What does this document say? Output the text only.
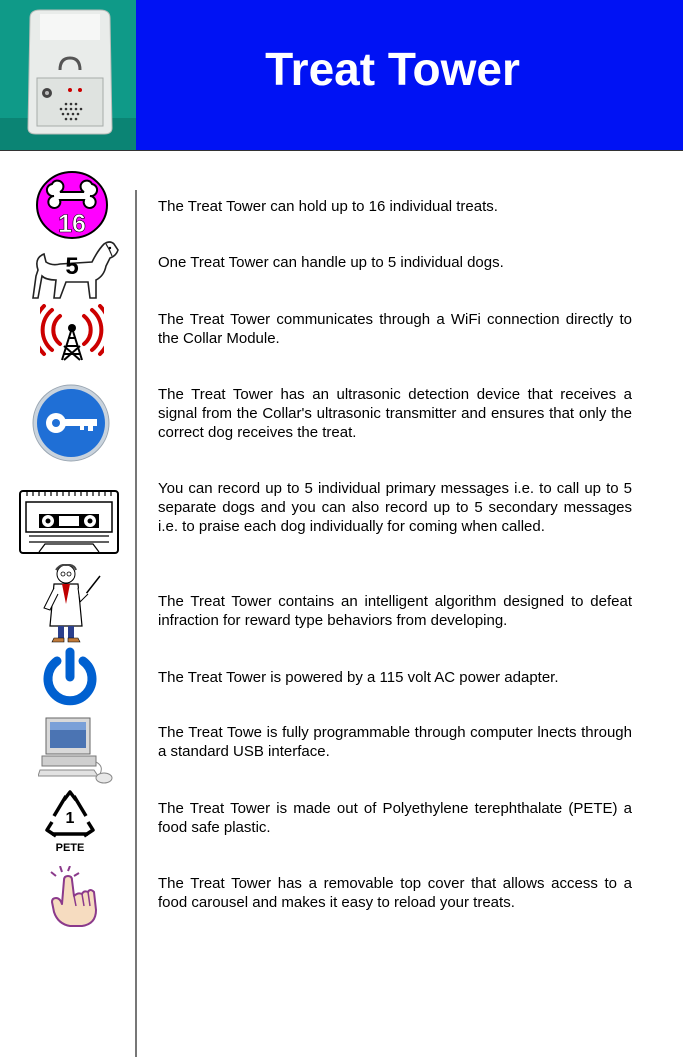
Treat Tower
16
5
1
PETE
The Treat Tower can hold up to 16 individual treats.
One Treat Tower can handle up to 5 individual dogs.
The Treat Tower communicates through a WiFi connection directly to the Collar Module.
The Treat Tower has an ultrasonic detection device that receives a signal from the Collar's ultrasonic transmitter and ensures that only the correct dog receives the treat.
You can record up to 5 individual primary messages i.e. to call up to 5 separate dogs and you can also record up to 5 secondary messages i.e. to praise each dog individually for coming when called.
The Treat Tower contains an intelligent algorithm designed to defeat infraction for reward type behaviors from developing.
The Treat Tower is powered by a 115 volt AC power adapter.
The Treat Towe is fully programmable through computer lnects through a standard USB interface.
The Treat Tower is made out of Polyethylene terephthalate (PETE) a food safe plastic.
The Treat Tower has a removable top cover that allows access to a food carousel and makes it easy to reload your treats.
